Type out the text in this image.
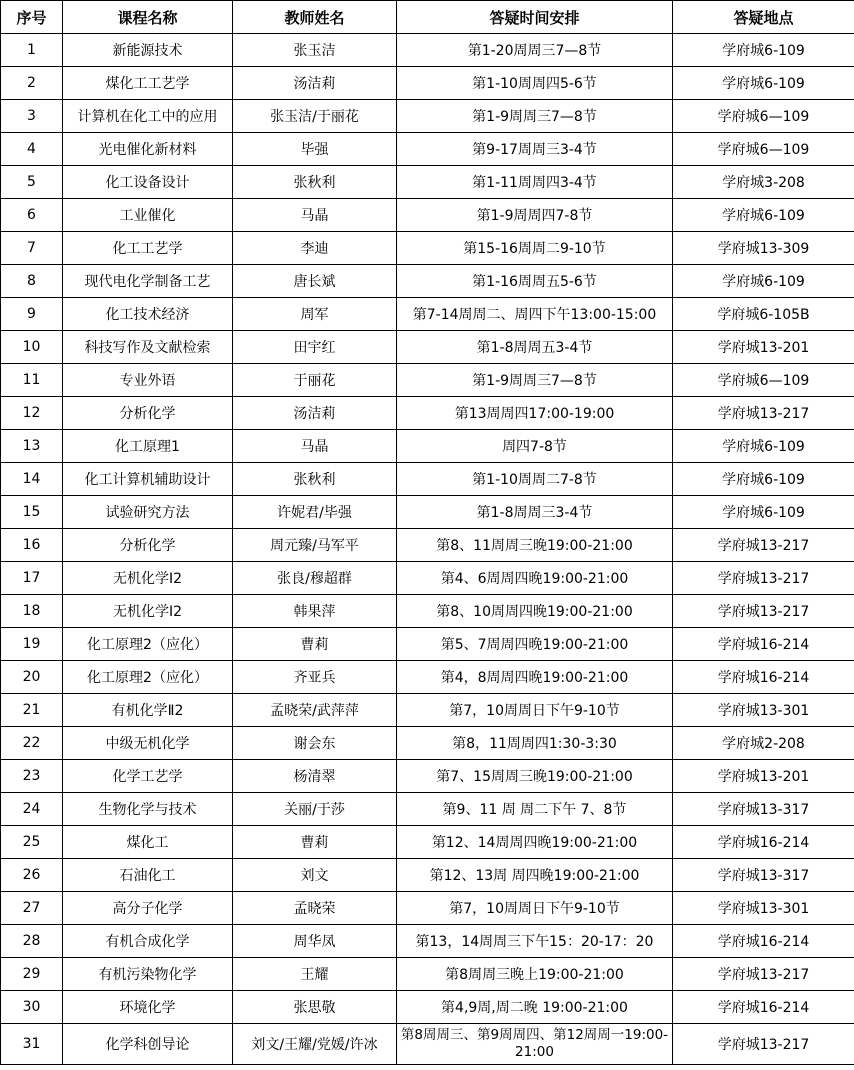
序号	课程名称	教师姓名	答疑时间安排	答疑地点
1	新能源技术	张玉洁	第1-20周周三7—8节	学府城6-109
2	煤化工工艺学	汤洁莉	第1-10周周四5-6节	学府城6-109
3	计算机在化工中的应用	张玉洁/于丽花	第1-9周周三7—8节	学府城6—109
4	光电催化新材料	毕强	第9-17周周三3-4节	学府城6—109
5	化工设备设计	张秋利	第1-11周周四3-4节	学府城3-208
6	工业催化	马晶	第1-9周周四7-8节	学府城6-109
7	化工工艺学	李迪	第15-16周周二9-10节	学府城13-309
8	现代电化学制备工艺	唐长斌	第1-16周周五5-6节	学府城6-109
9	化工技术经济	周军	第7-14周周二、周四下午13:00-15:00	学府城6-105B
10	科技写作及文献检索	田宇红	第1-8周周五3-4节	学府城13-201
11	专业外语	于丽花	第1-9周周三7—8节	学府城6—109
12	分析化学	汤洁莉	第13周周四17:00-19:00	学府城13-217
13	化工原理1	马晶	周四7-8节	学府城6-109
14	化工计算机辅助设计	张秋利	第1-10周周二7-8节	学府城6-109
15	试验研究方法	许妮君/毕强	第1-8周周三3-4节	学府城6-109
16	分析化学	周元臻/马军平	第8、11周周三晚19:00-21:00	学府城13-217
17	无机化学Ⅰ2	张良/穆超群	第4、6周周四晚19:00-21:00	学府城13-217
18	无机化学Ⅰ2	韩果萍	第8、10周周四晚19:00-21:00	学府城13-217
19	化工原理2（应化）	曹莉	第5、7周周四晚19:00-21:00	学府城16-214
20	化工原理2（应化）	齐亚兵	第4，8周周四晚19:00-21:00	学府城16-214
21	有机化学Ⅱ2	孟晓荣/武萍萍	第7，10周周日下午9-10节	学府城13-301
22	中级无机化学	谢会东	第8，11周周四1:30-3:30	学府城2-208
23	化学工艺学	杨清翠	第7、15周周三晚19:00-21:00	学府城13-201
24	生物化学与技术	关丽/于莎	第9、11 周 周二下午 7、8节	学府城13-317
25	煤化工	曹莉	第12、14周周四晚19:00-21:00	学府城16-214
26	石油化工	刘文	第12、13周 周四晚19:00-21:00	学府城13-317
27	高分子化学	孟晓荣	第7，10周周日下午9-10节	学府城13-301
28	有机合成化学	周华凤	第13，14周周三下午15：20-17：20	学府城16-214
29	有机污染物化学	王耀	第8周周三晚上19:00-21:00	学府城13-217
30	环境化学	张思敬	第4,9周,周二晚 19:00-21:00	学府城16-214
31	化学科创导论	刘文/王耀/党媛/许冰	第8周周三、第9周周四、第12周周一19:00-21:00	学府城13-217
